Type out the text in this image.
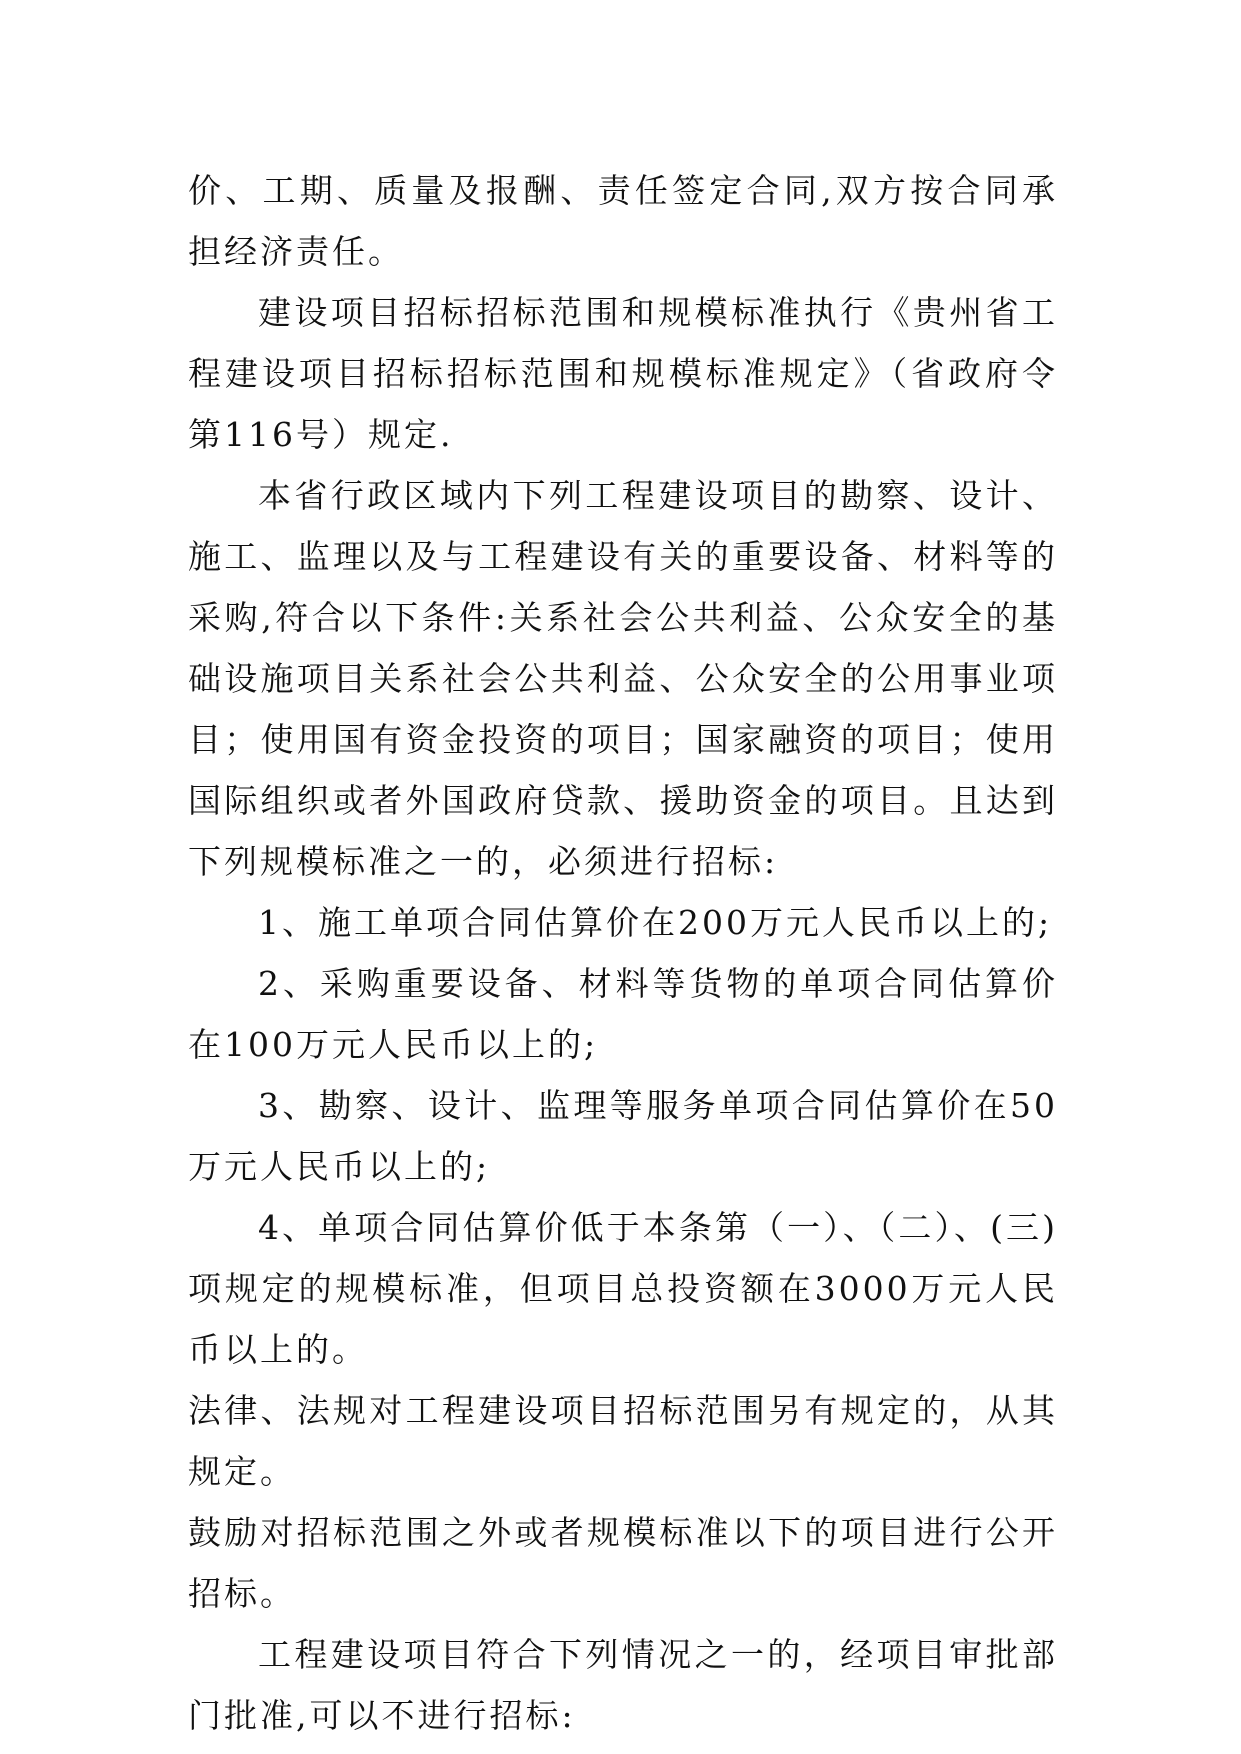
价、工期、质量及报酬、责任签定合同,双方按合同承担经济责任。

建设项目招标招标范围和规模标准执行《贵州省工程建设项目招标招标范围和规模标准规定》（省政府令第116号）规定.

本省行政区域内下列工程建设项目的勘察、设计、施工、监理以及与工程建设有关的重要设备、材料等的采购,符合以下条件:关系社会公共利益、公众安全的基础设施项目关系社会公共利益、公众安全的公用事业项目；使用国有资金投资的项目；国家融资的项目；使用国际组织或者外国政府贷款、援助资金的项目。且达到下列规模标准之一的，必须进行招标:

1、施工单项合同估算价在200万元人民币以上的;

2、采购重要设备、材料等货物的单项合同估算价在100万元人民币以上的;

3、勘察、设计、监理等服务单项合同估算价在50万元人民币以上的;

4、单项合同估算价低于本条第（一）、（二）、(三)项规定的规模标准，但项目总投资额在3000万元人民币以上的。

法律、法规对工程建设项目招标范围另有规定的，从其规定。

鼓励对招标范围之外或者规模标准以下的项目进行公开招标。

工程建设项目符合下列情况之一的，经项目审批部门批准,可以不进行招标:
